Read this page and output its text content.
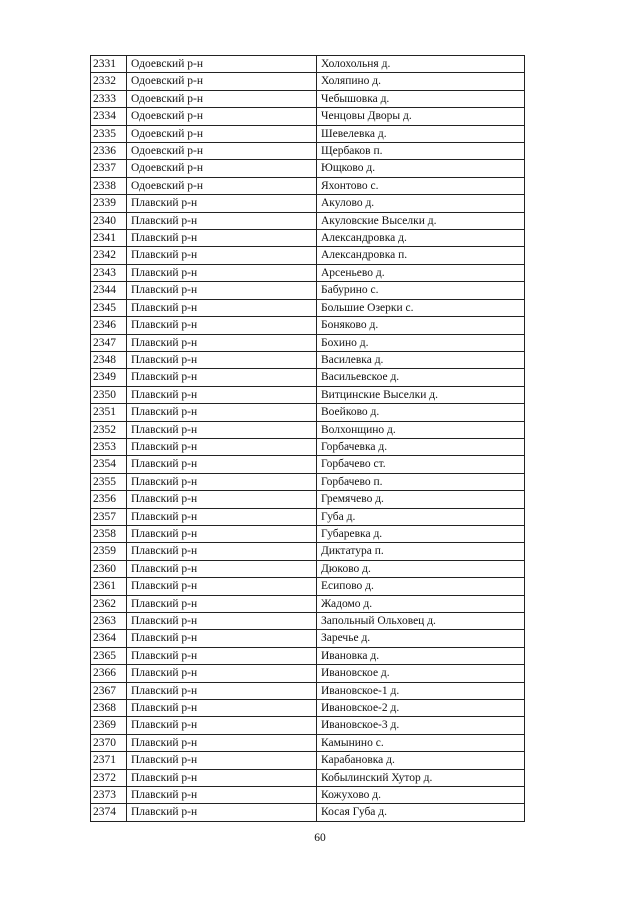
2331	Одоевский р-н	Холохольня д.
2332	Одоевский р-н	Холяпино д.
2333	Одоевский р-н	Чебышовка д.
2334	Одоевский р-н	Ченцовы Дворы д.
2335	Одоевский р-н	Шевелевка д.
2336	Одоевский р-н	Щербаков п.
2337	Одоевский р-н	Ющково д.
2338	Одоевский р-н	Яхонтово с.
2339	Плавский р-н	Акулово д.
2340	Плавский р-н	Акуловские Выселки д.
2341	Плавский р-н	Александровка д.
2342	Плавский р-н	Александровка п.
2343	Плавский р-н	Арсеньево д.
2344	Плавский р-н	Бабурино с.
2345	Плавский р-н	Большие Озерки с.
2346	Плавский р-н	Боняково д.
2347	Плавский р-н	Бохино д.
2348	Плавский р-н	Василевка д.
2349	Плавский р-н	Васильевское д.
2350	Плавский р-н	Витцинские Выселки д.
2351	Плавский р-н	Воейково д.
2352	Плавский р-н	Волхонщино д.
2353	Плавский р-н	Горбачевка д.
2354	Плавский р-н	Горбачево ст.
2355	Плавский р-н	Горбачево п.
2356	Плавский р-н	Гремячево д.
2357	Плавский р-н	Губа д.
2358	Плавский р-н	Губаревка д.
2359	Плавский р-н	Диктатура п.
2360	Плавский р-н	Дюково д.
2361	Плавский р-н	Есипово д.
2362	Плавский р-н	Жадомо д.
2363	Плавский р-н	Запольный Ольховец д.
2364	Плавский р-н	Заречье д.
2365	Плавский р-н	Ивановка д.
2366	Плавский р-н	Ивановское д.
2367	Плавский р-н	Ивановское-1 д.
2368	Плавский р-н	Ивановское-2 д.
2369	Плавский р-н	Ивановское-3 д.
2370	Плавский р-н	Камынино с.
2371	Плавский р-н	Карабановка д.
2372	Плавский р-н	Кобылинский Хутор д.
2373	Плавский р-н	Кожухово д.
2374	Плавский р-н	Косая Губа д.
60
